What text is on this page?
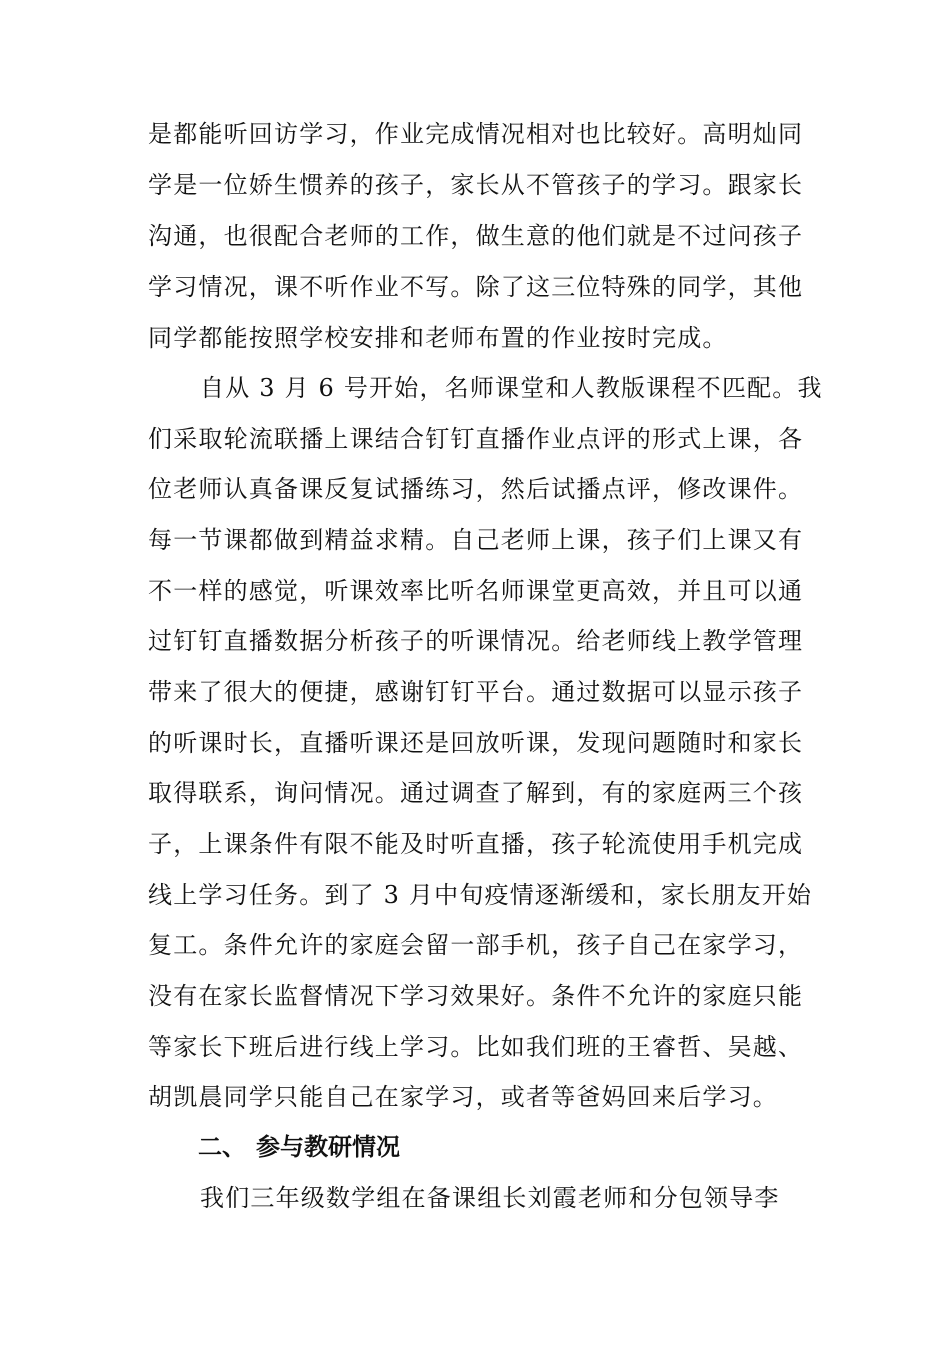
是都能听回访学习，作业完成情况相对也比较好。高明灿同
学是一位娇生惯养的孩子，家长从不管孩子的学习。跟家长
沟通，也很配合老师的工作，做生意的他们就是不过问孩子
学习情况，课不听作业不写。除了这三位特殊的同学，其他
同学都能按照学校安排和老师布置的作业按时完成。
自从 3 月 6 号开始，名师课堂和人教版课程不匹配。我
们采取轮流联播上课结合钉钉直播作业点评的形式上课，各
位老师认真备课反复试播练习，然后试播点评，修改课件。
每一节课都做到精益求精。自己老师上课，孩子们上课又有
不一样的感觉，听课效率比听名师课堂更高效，并且可以通
过钉钉直播数据分析孩子的听课情况。给老师线上教学管理
带来了很大的便捷，感谢钉钉平台。通过数据可以显示孩子
的听课时长，直播听课还是回放听课，发现问题随时和家长
取得联系，询问情况。通过调查了解到，有的家庭两三个孩
子，上课条件有限不能及时听直播，孩子轮流使用手机完成
线上学习任务。到了 3 月中旬疫情逐渐缓和，家长朋友开始
复工。条件允许的家庭会留一部手机，孩子自己在家学习，
没有在家长监督情况下学习效果好。条件不允许的家庭只能
等家长下班后进行线上学习。比如我们班的王睿哲、吴越、
胡凯晨同学只能自己在家学习，或者等爸妈回来后学习。
二、 参与教研情况
我们三年级数学组在备课组长刘霞老师和分包领导李
